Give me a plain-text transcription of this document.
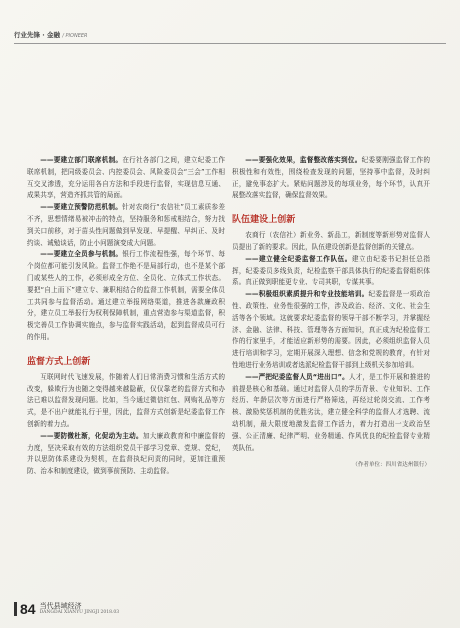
行业先锋 · 金融 / PIONEER

——要建立部门联席机制。在行社各部门之间，建立纪委工作联席机制，把同级委员会、内控委员会、风险委员会“三会”工作相互交叉渗透，充分运用各自方法和手段进行监督，实现信息互通、成果共享，营造齐抓共管的局面。

——要建立预警防范机制。针对农商行“农信社”员工素质参差不齐，思想情绪易被冲击的特点，坚持服务和惩戒相结合，努力找到关口前移，对于苗头性问题做到早发现、早提醒、早纠正、及时约谈、诫勉谈话，防止小问题演变成大问题。

——要建立全员参与机制。银行工作流程性强，每个环节、每个岗位都可能引发风险。监督工作绝不是局部行动，也不是某个部门或某些人的工作，必须形成全方位、全员化、立体式工作状态。要把“自上而下”建立专、兼职相结合的监督工作机制，需要全体员工共同参与监督活动。通过建立举报网络渠道，推进各款廉政积分，建立员工举报行为权利保障机制，重点营造参与渠道监督，积极完善员工作协调实施点，参与监督实践活动，起到监督成员可行的作用。

监督方式上创新

互联网时代飞速发展，作随着人们日常消费习惯和生活方式的改变，躲欺行为也随之变得越来越隐蔽，仅仅靠老的监督方式和办法已难以监督发现问题。比如，当今通过微信红包、网购礼品等方式，是不出户就能礼行于里，因此，监督方式创新是纪委监督工作创新的着力点。

——要防微杜渐，化促动为主动。加大廉政教育和中廉监督的力度，坚决采取有效的方法组织党员干部学习党章、党规、党纪，并以思防体系建设为契机，在监督执纪问责的同时，更加注重预防、治本和制度建设，做到事前预防、主动监督。

——要强化效果，监督整改落实到位。纪委要刚强监督工作的积极性和有效性，围绕检查发现的问题，坚持事中监督，及时纠正，避免事态扩大。紧贴问题涉及的每项业务，每个环节，认真开展整改落实监督，确保监督效果。

队伍建设上创新

农商行（农信社）新业务、新品工，新制度等新形势对监督人员提出了新的要求。因此，队伍建设创新是监督创新的关键点。

——建立健全纪委监督工作队伍。建立由纪委书记担任总指挥，纪委委员多线负责，纪检监察干部具体执行的纪委监督组织体系。真正做到职能更专业、专司其职，专谋其事。

——积极组织素质提升和专业技能培训。纪委监督是一项政治性、政策性、业务性很强的工作，涉及政治、经济、文化、社会生活等各个领域。这就要求纪委监督的领导干部不断学习，并掌握经济、金融、法律、科技、管理等各方面知识，真正成为纪检监督工作的行家里手，才能适应新形势的需要。因此，必须组织监督人员进行培训和学习，定期开展深入理想、信念和党规的教育，有针对性地进行业务培训或者选派纪检监督干部到上级机关参加培训。

——严把纪委监督人员“进出口”。人才，是工作开展和推进的前提是核心和基础。通过对监督人员的学历背景、专业知识、工作经历、年龄层次等方面进行严格筛选，再经过轮岗交流、工作考核、激励奖惩机制的优胜劣汰，建立健全科学的监督人才选聘、流动机制，最大限度地激发监督工作活力，着力打造出一支政治坚强、公正清廉、纪律严明、业务精通、作风优良的纪检监督专业精英队伍。

（作者单位：四川省达州银行）
84 当代县域经济
DANGDAI XIANYU JINGJI 2018.03
